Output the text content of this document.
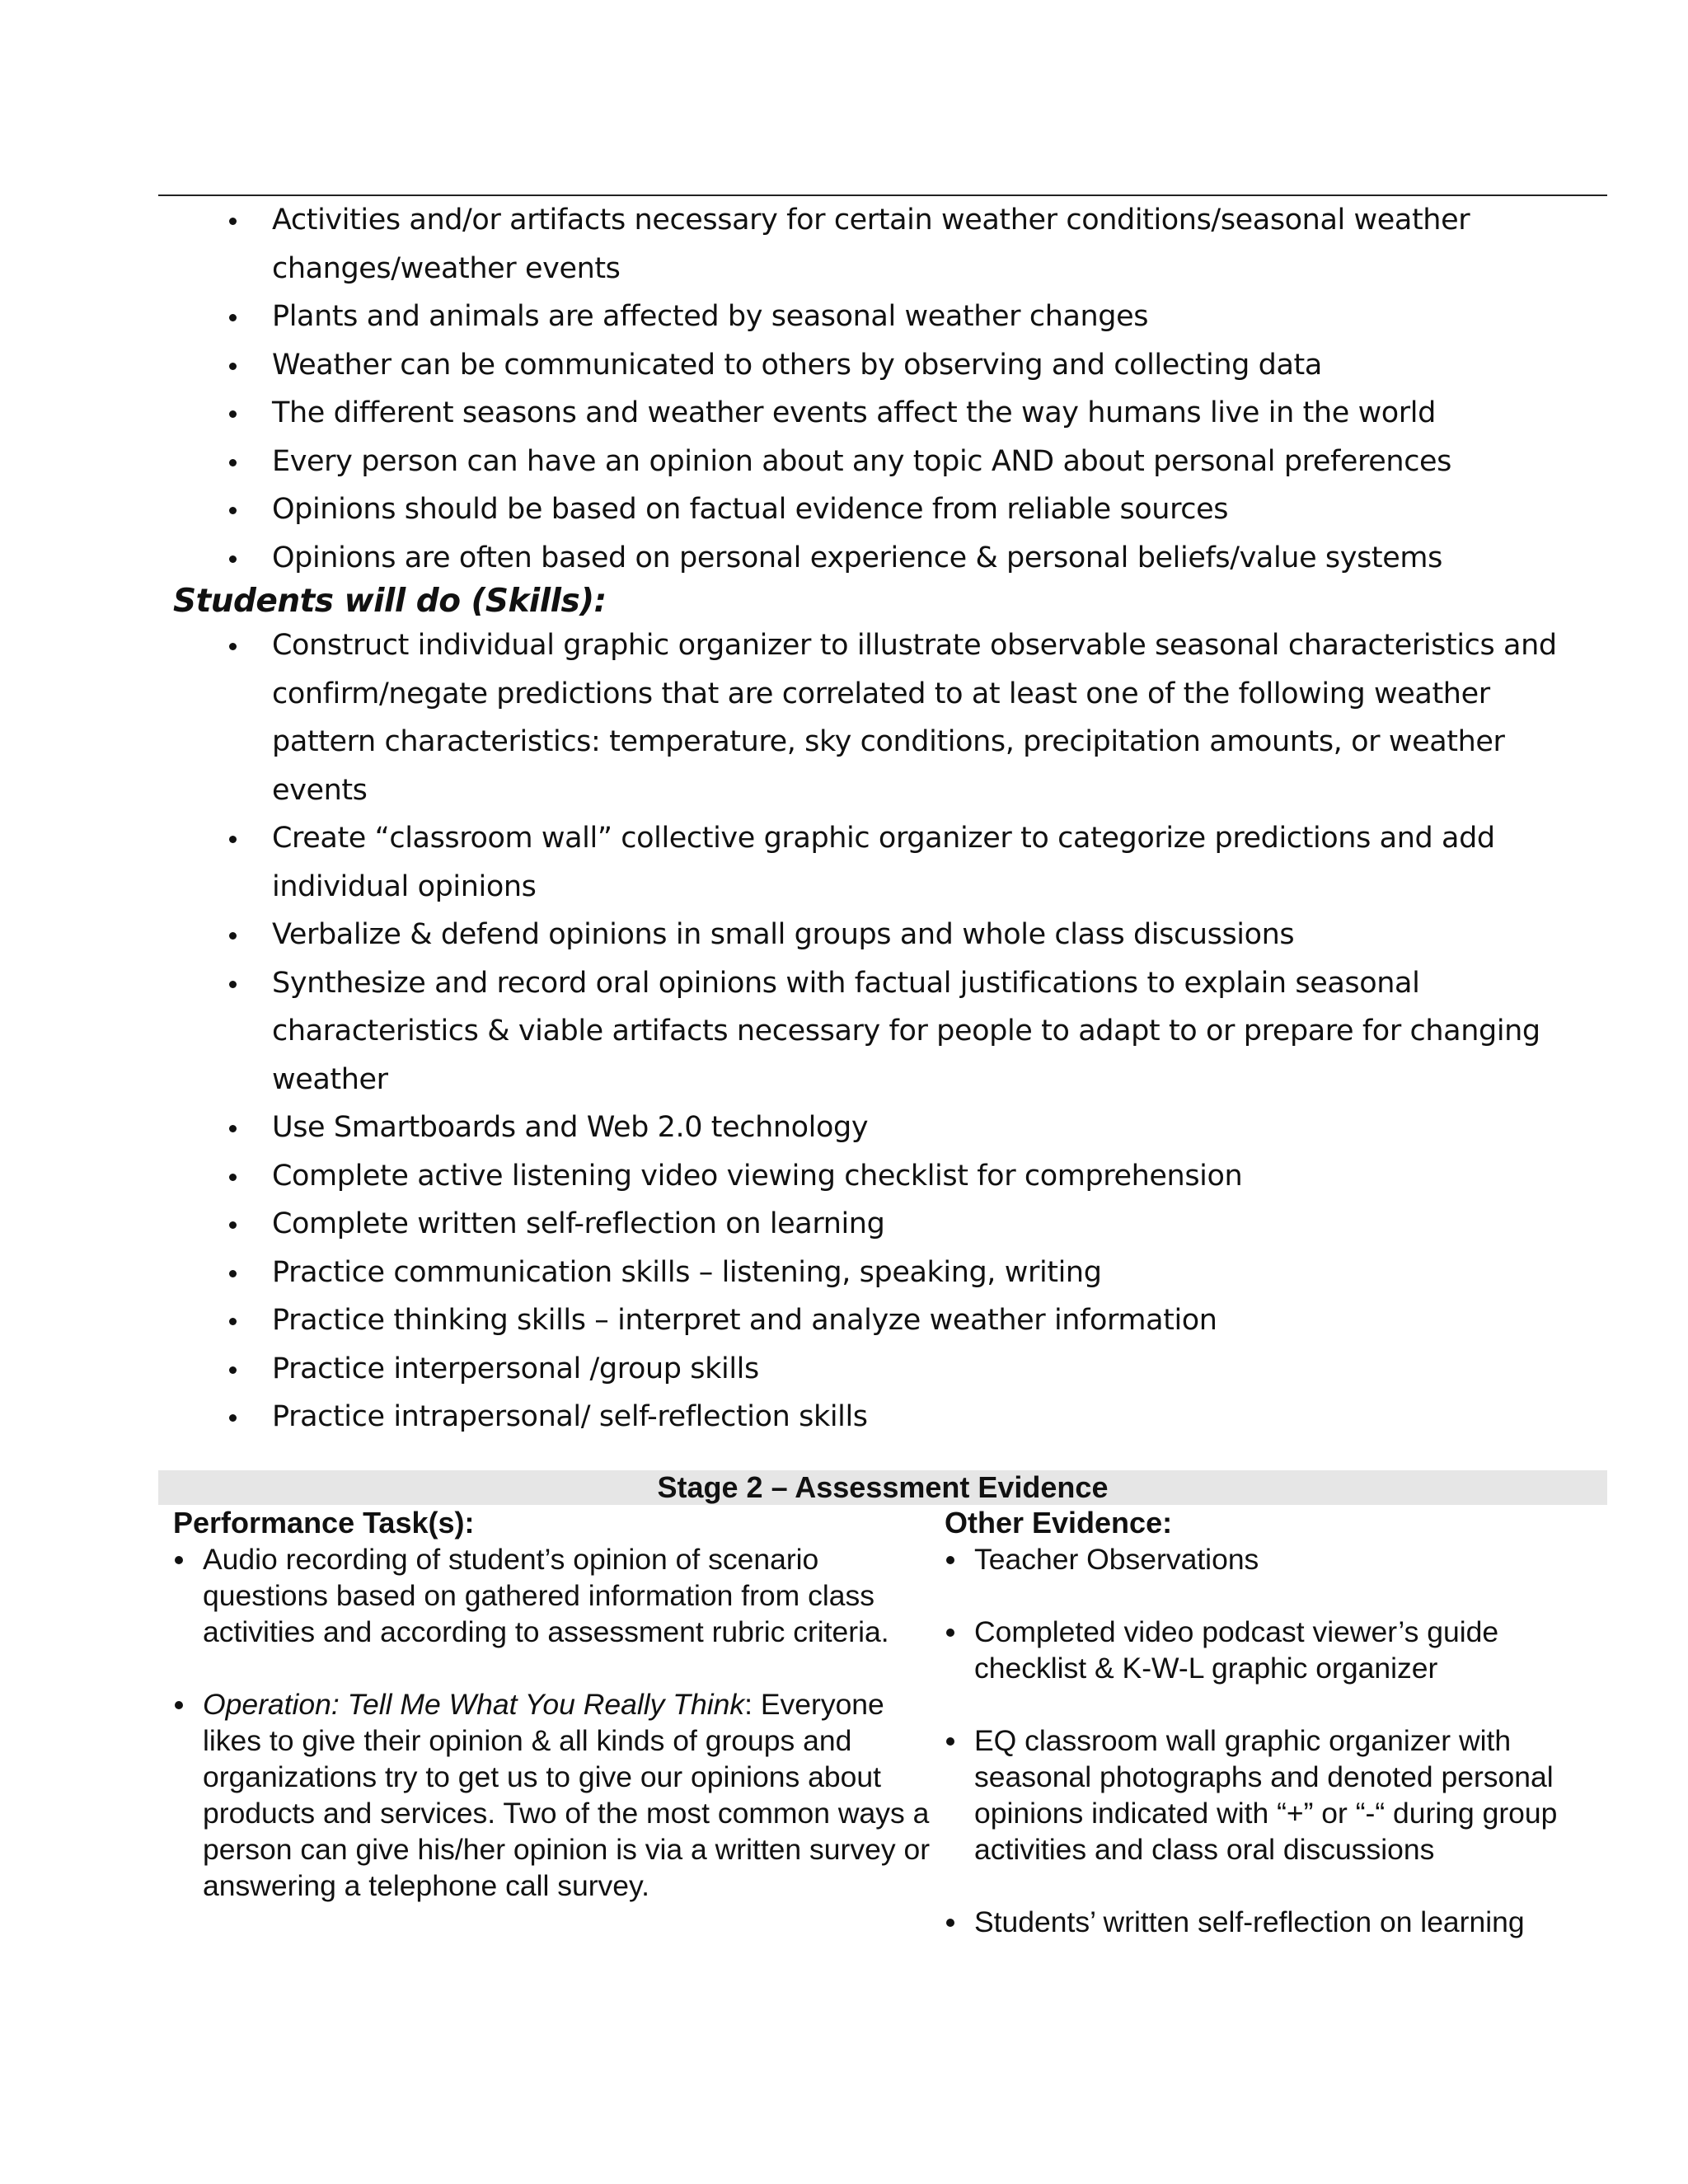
Activities and/or artifacts necessary for certain weather conditions/seasonal weather changes/weather events
Plants and animals are affected by seasonal weather changes
Weather can be communicated to others by observing and collecting data
The different seasons and weather events affect the way humans live in the world
Every person can have an opinion about any topic AND about personal preferences
Opinions should be based on factual evidence from reliable sources
Opinions are often based on personal experience & personal beliefs/value systems
Students will do (Skills):
Construct individual graphic organizer to illustrate observable seasonal characteristics and confirm/negate predictions that are correlated to at least one of the following weather pattern characteristics: temperature, sky conditions, precipitation amounts, or weather events
Create “classroom wall” collective graphic organizer to categorize predictions and add individual opinions
Verbalize & defend opinions in small groups and whole class discussions
Synthesize and record oral opinions with factual justifications to explain seasonal characteristics & viable artifacts necessary for people to adapt to or prepare for changing weather
Use Smartboards and Web 2.0 technology
Complete active listening video viewing checklist for comprehension
Complete written self-reflection on learning
Practice communication skills – listening, speaking, writing
Practice thinking skills – interpret and analyze weather information
Practice interpersonal /group skills
Practice intrapersonal/ self-reflection skills
Stage 2 – Assessment Evidence
Performance Task(s):
Audio recording of student’s opinion of scenario questions based on gathered information from class activities and according to assessment rubric criteria.
Operation: Tell Me What You Really Think: Everyone likes to give their opinion & all kinds of groups and organizations try to get us to give our opinions about products and services. Two of the most common ways a person can give his/her opinion is via a written survey or answering a telephone call survey.
Other Evidence:
Teacher Observations
Completed video podcast viewer’s guide checklist & K-W-L graphic organizer
EQ classroom wall graphic organizer with seasonal photographs and denoted personal opinions indicated with “+” or “-“ during group activities and class oral discussions
Students’ written self-reflection on learning
